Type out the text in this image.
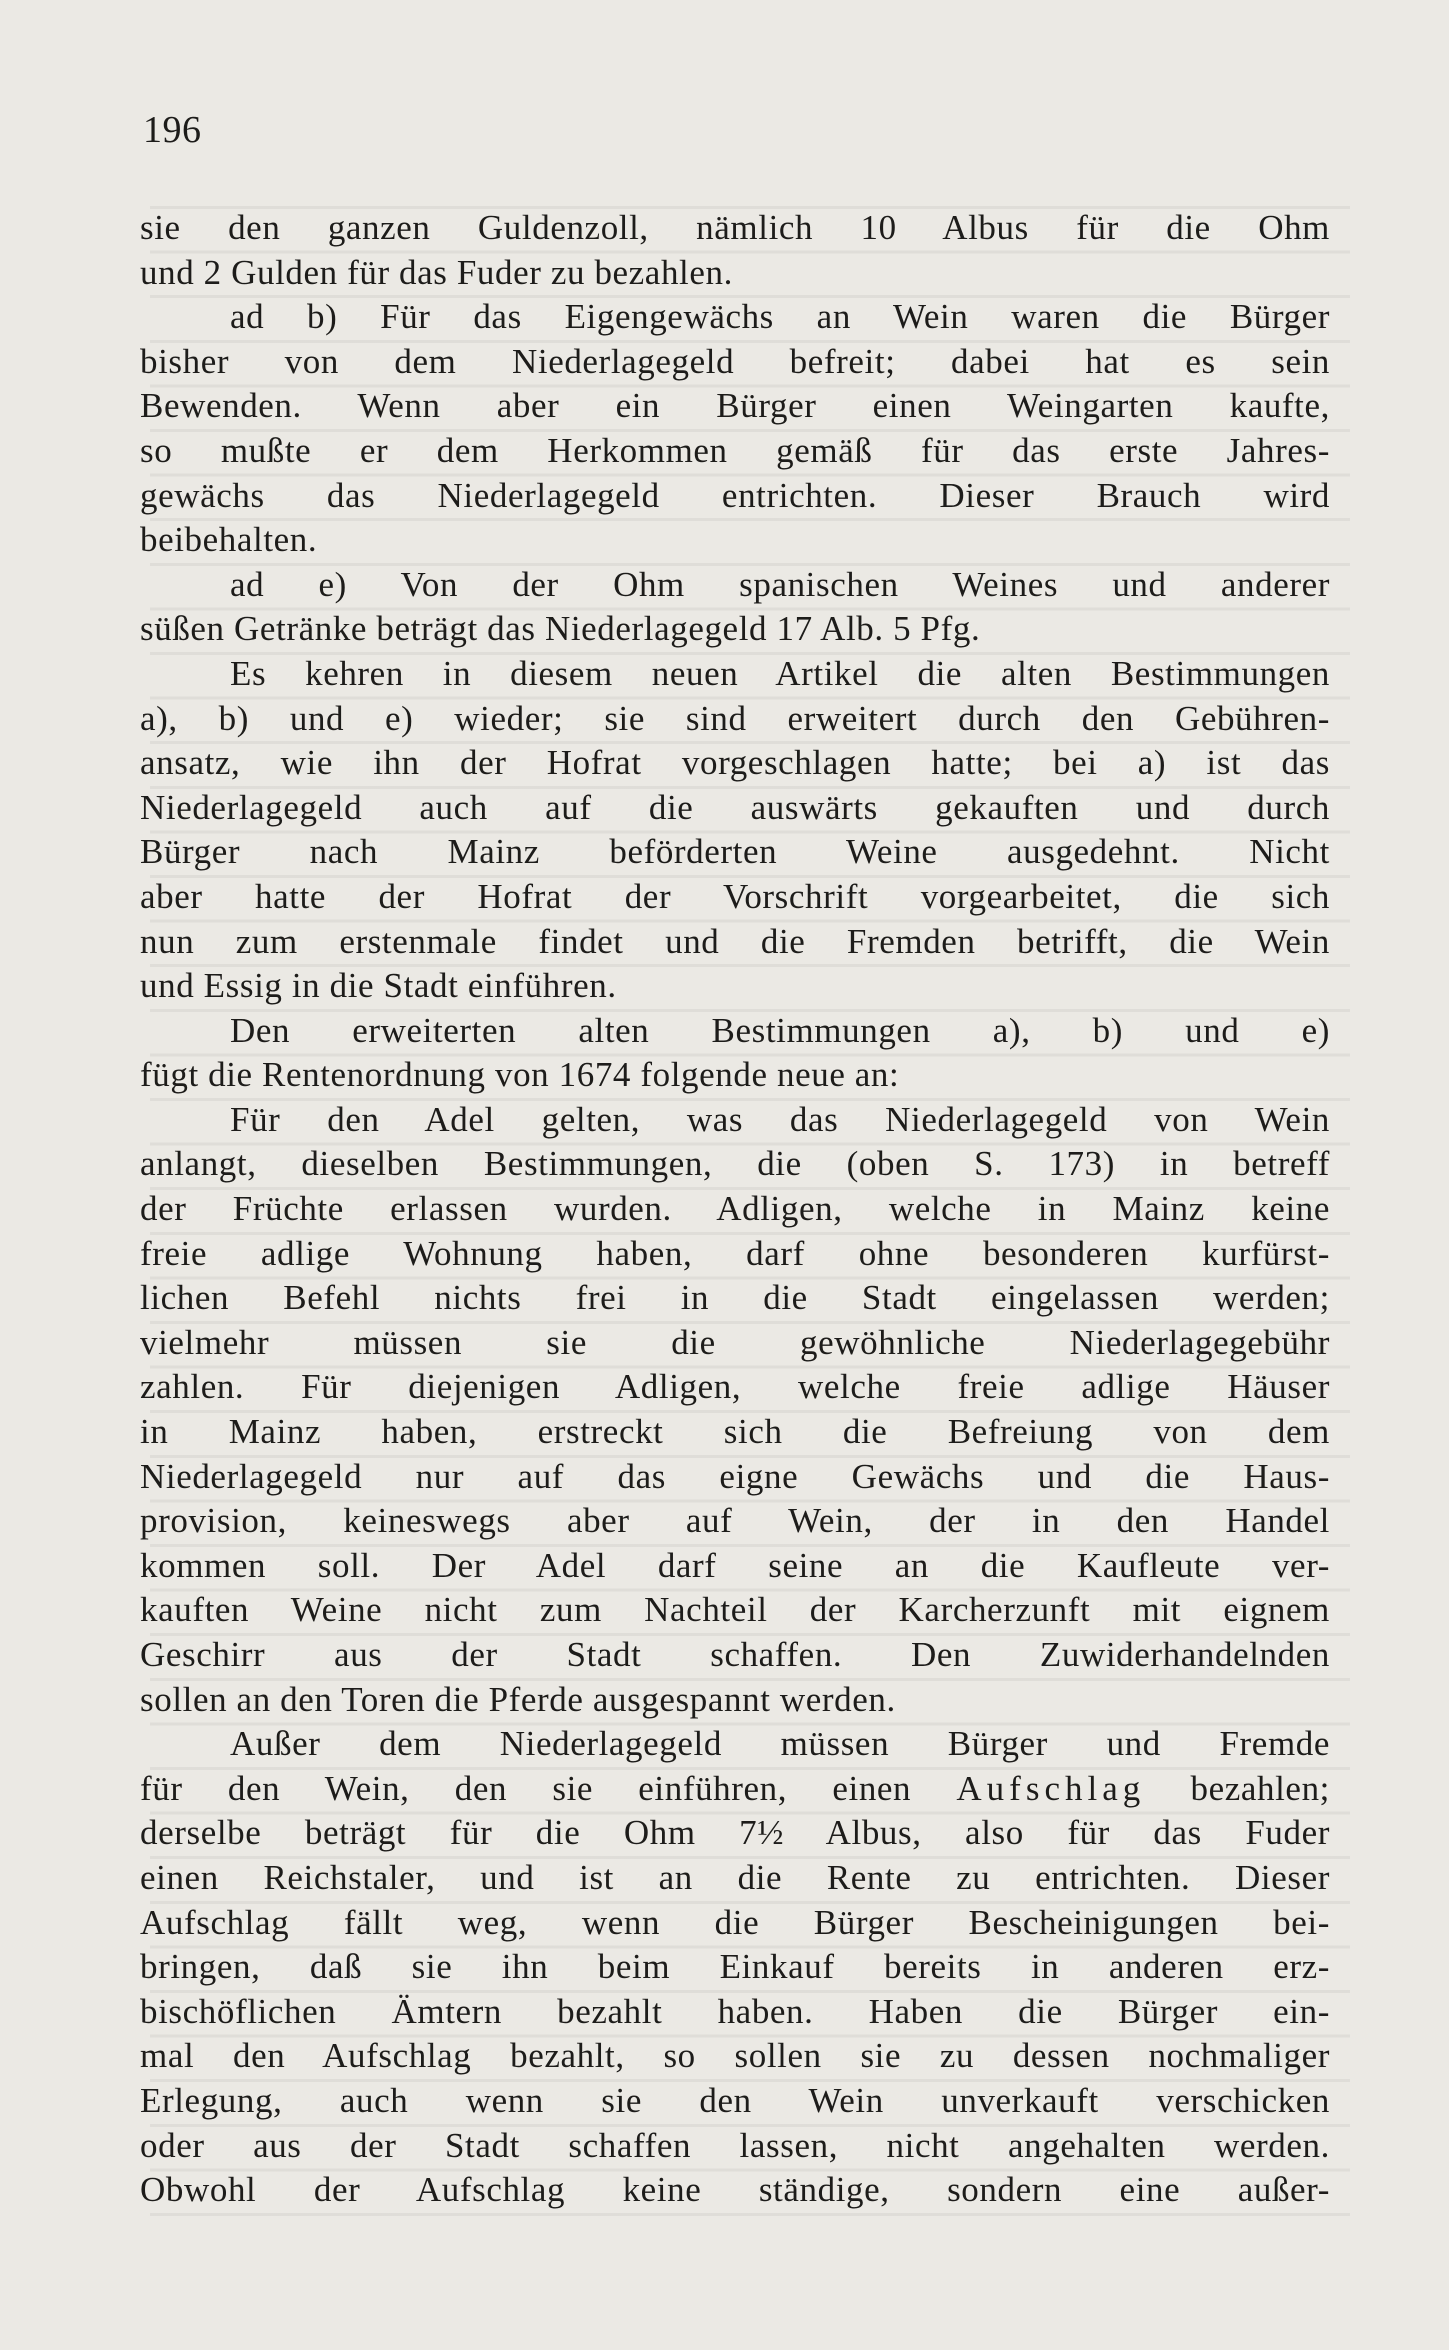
196
sie den ganzen Guldenzoll, nämlich 10 Albus für die Ohm
und 2 Gulden für das Fuder zu bezahlen.
ad b) Für das Eigengewächs an Wein waren die Bürger
bisher von dem Niederlagegeld befreit; dabei hat es sein
Bewenden. Wenn aber ein Bürger einen Weingarten kaufte,
so mußte er dem Herkommen gemäß für das erste Jahres-
gewächs das Niederlagegeld entrichten. Dieser Brauch wird
beibehalten.
ad e) Von der Ohm spanischen Weines und anderer
süßen Getränke beträgt das Niederlagegeld 17 Alb. 5 Pfg.
Es kehren in diesem neuen Artikel die alten Bestimmungen
a), b) und e) wieder; sie sind erweitert durch den Gebühren-
ansatz, wie ihn der Hofrat vorgeschlagen hatte; bei a) ist das
Niederlagegeld auch auf die auswärts gekauften und durch
Bürger nach Mainz beförderten Weine ausgedehnt. Nicht
aber hatte der Hofrat der Vorschrift vorgearbeitet, die sich
nun zum erstenmale findet und die Fremden betrifft, die Wein
und Essig in die Stadt einführen.
Den erweiterten alten Bestimmungen a), b) und e)
fügt die Rentenordnung von 1674 folgende neue an:
Für den Adel gelten, was das Niederlagegeld von Wein
anlangt, dieselben Bestimmungen, die (oben S. 173) in betreff
der Früchte erlassen wurden. Adligen, welche in Mainz keine
freie adlige Wohnung haben, darf ohne besonderen kurfürst-
lichen Befehl nichts frei in die Stadt eingelassen werden;
vielmehr müssen sie die gewöhnliche Niederlagegebühr
zahlen. Für diejenigen Adligen, welche freie adlige Häuser
in Mainz haben, erstreckt sich die Befreiung von dem
Niederlagegeld nur auf das eigne Gewächs und die Haus-
provision, keineswegs aber auf Wein, der in den Handel
kommen soll. Der Adel darf seine an die Kaufleute ver-
kauften Weine nicht zum Nachteil der Karcherzunft mit eignem
Geschirr aus der Stadt schaffen. Den Zuwiderhandelnden
sollen an den Toren die Pferde ausgespannt werden.
Außer dem Niederlagegeld müssen Bürger und Fremde
für den Wein, den sie einführen, einen Aufschlag bezahlen;
derselbe beträgt für die Ohm 7½ Albus, also für das Fuder
einen Reichstaler, und ist an die Rente zu entrichten. Dieser
Aufschlag fällt weg, wenn die Bürger Bescheinigungen bei-
bringen, daß sie ihn beim Einkauf bereits in anderen erz-
bischöflichen Ämtern bezahlt haben. Haben die Bürger ein-
mal den Aufschlag bezahlt, so sollen sie zu dessen nochmaliger
Erlegung, auch wenn sie den Wein unverkauft verschicken
oder aus der Stadt schaffen lassen, nicht angehalten werden.
Obwohl der Aufschlag keine ständige, sondern eine außer-
